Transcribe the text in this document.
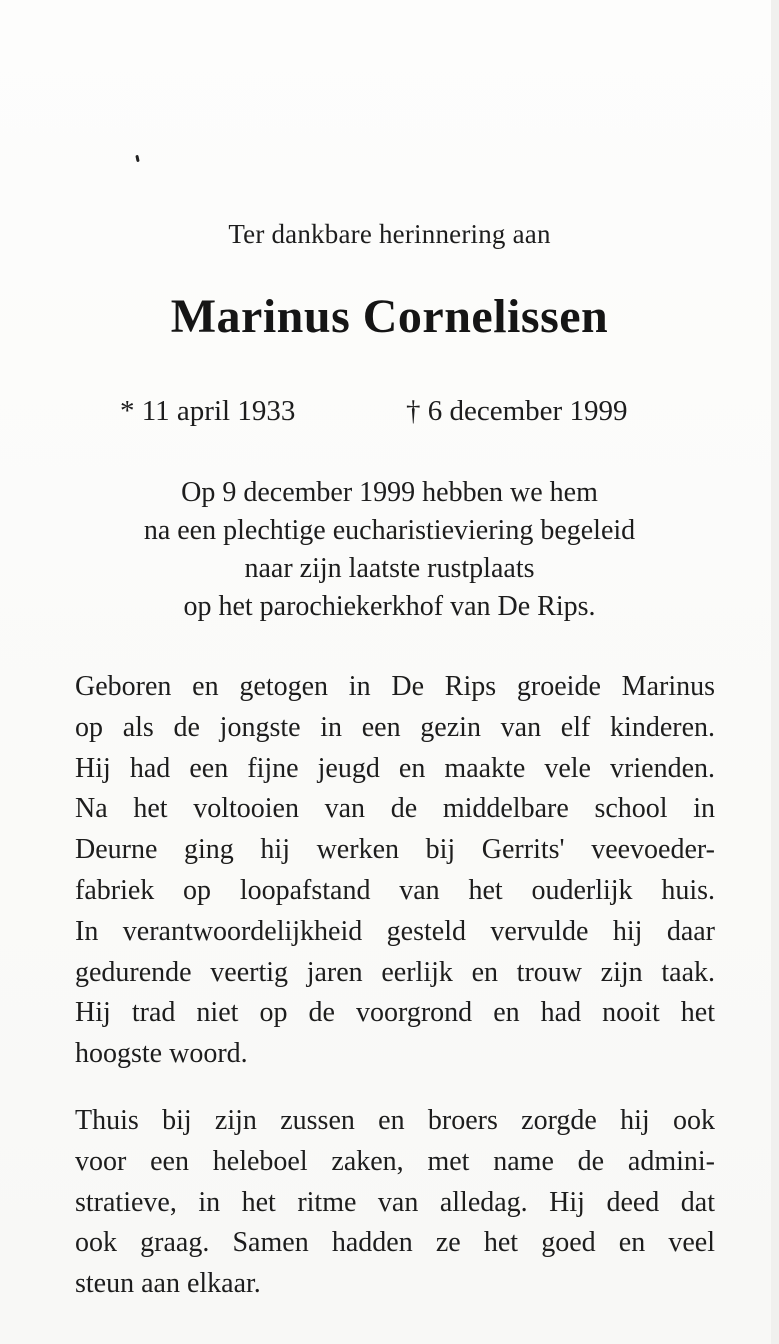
Ter dankbare herinnering aan
Marinus Cornelissen
* 11 april 1933	† 6 december 1999
Op 9 december 1999 hebben we hem
na een plechtige eucharistieviering begeleid
naar zijn laatste rustplaats
op het parochiekerkhof van De Rips.
Geboren en getogen in De Rips groeide Marinus
op als de jongste in een gezin van elf kinderen.
Hij had een fijne jeugd en maakte vele vrienden.
Na het voltooien van de middelbare school in
Deurne ging hij werken bij Gerrits' veevoeder-
fabriek op loopafstand van het ouderlijk huis.
In verantwoordelijkheid gesteld vervulde hij daar
gedurende veertig jaren eerlijk en trouw zijn taak.
Hij trad niet op de voorgrond en had nooit het
hoogste woord.
Thuis bij zijn zussen en broers zorgde hij ook
voor een heleboel zaken, met name de admini-
stratieve, in het ritme van alledag. Hij deed dat
ook graag. Samen hadden ze het goed en veel
steun aan elkaar.
